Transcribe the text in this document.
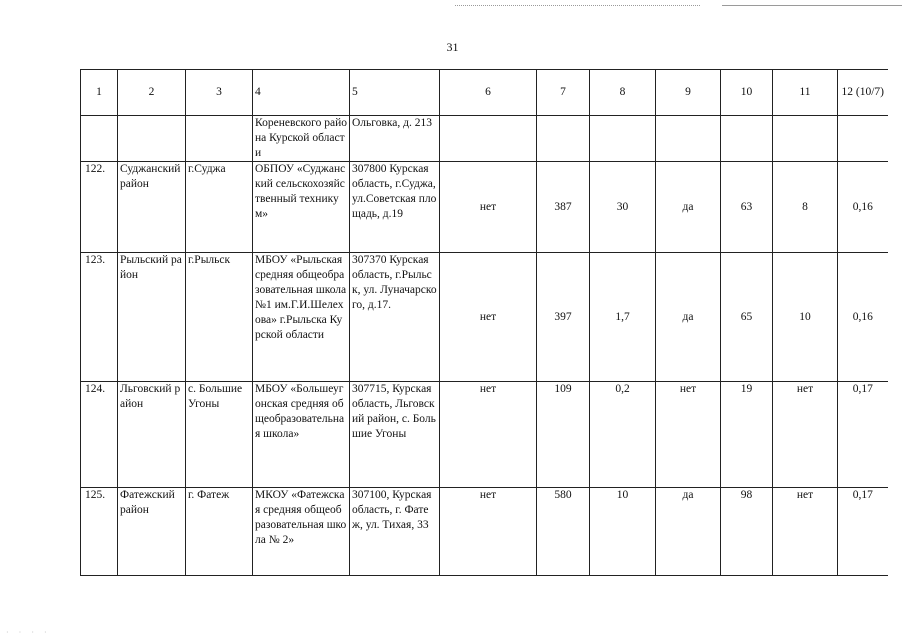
31
1	2	3	4	5	6	7	8	9	10	11	12 (10/7)
			Кореневского района Курской области	Ольговка, д. 213							
122.	Суджанский район	г.Суджа	ОБПОУ «Суджанский сельскохозяйственный техникум»	307800 Курская область, г.Суджа, ул.Советская площадь, д.19	нет	387	30	да	63	8	0,16
123.	Рыльский район	г.Рыльск	МБОУ «Рыльская средняя общеобразовательная школа №1 им.Г.И.Шелехова» г.Рыльска Курской области	307370 Курская область, г.Рыльск, ул. Луначарского, д.17.	нет	397	1,7	да	65	10	0,16
124.	Льговский район	с. Большие Угоны	МБОУ «Большеугонская средняя общеобразовательная школа»	307715, Курская область, Льговский район, с. Большие Угоны	нет	109	0,2	нет	19	нет	0,17
125.	Фатежский район	г. Фатеж	МКОУ «Фатежская средняя общеобразовательная школа № 2»	307100, Курская область, г. Фатеж, ул. Тихая, 33	нет	580	10	да	98	нет	0,17
· · · ·
